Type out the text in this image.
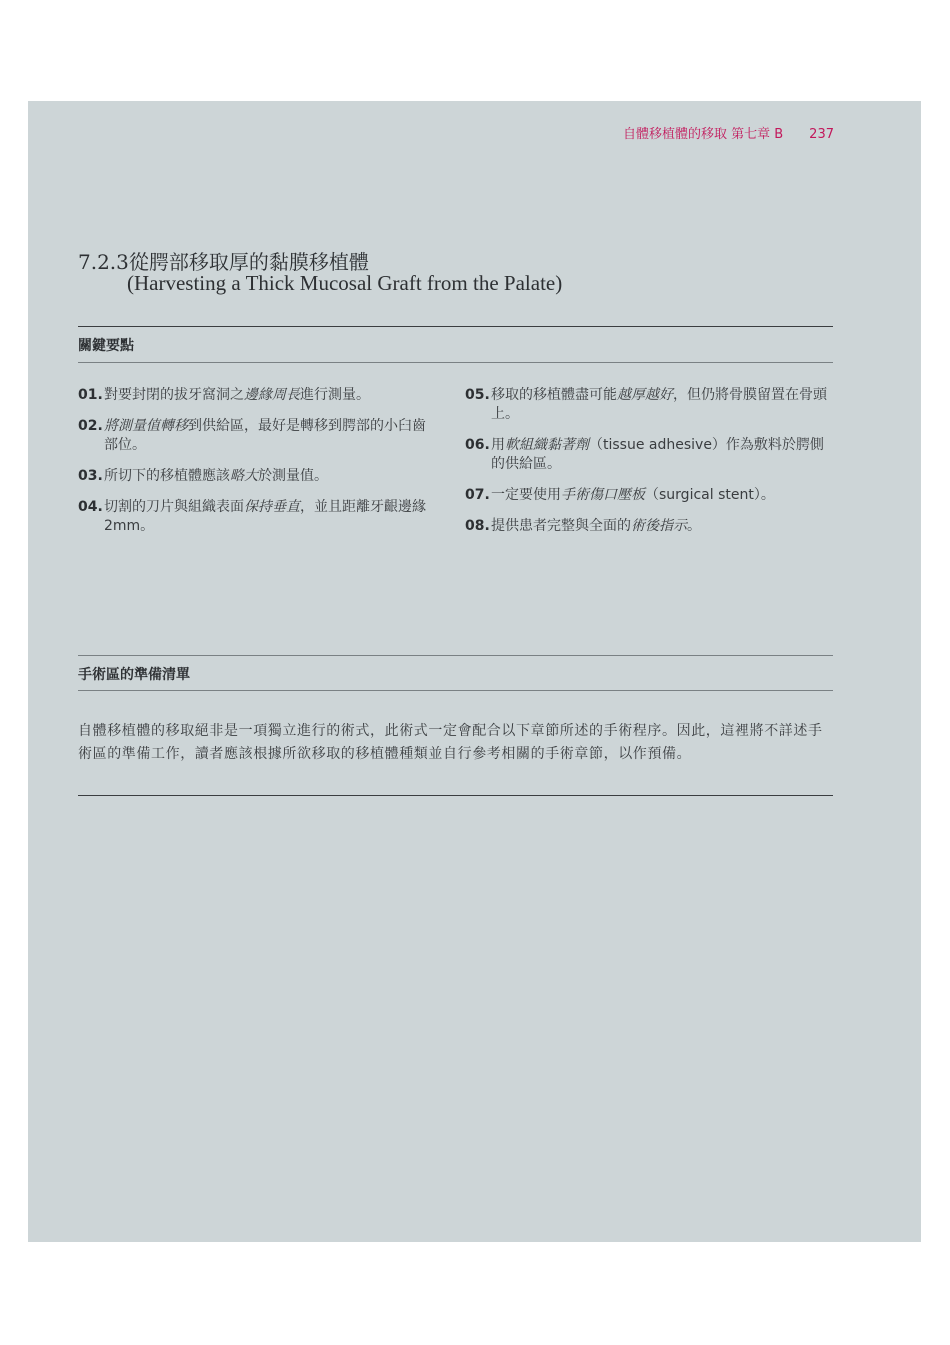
自體移植體的移取 第七章 B 237
7.2.3從腭部移取厚的黏膜移植體
(Harvesting a Thick Mucosal Graft from the Palate)
關鍵要點
01. 對要封閉的拔牙窩洞之邊緣周長進行測量。
02. 將測量值轉移到供給區，最好是轉移到腭部的小臼齒部位。
03. 所切下的移植體應該略大於測量值。
04. 切割的刀片與組織表面保持垂直，並且距離牙齦邊緣2mm。
05. 移取的移植體盡可能越厚越好，但仍將骨膜留置在骨頭上。
06. 用軟組織黏著劑（tissue adhesive）作為敷料於腭側的供給區。
07. 一定要使用手術傷口壓板（surgical stent）。
08. 提供患者完整與全面的術後指示。
手術區的準備清單
自體移植體的移取絕非是一項獨立進行的術式，此術式一定會配合以下章節所述的手術程序。因此，這裡將不詳述手術區的準備工作，讀者應該根據所欲移取的移植體種類並自行參考相關的手術章節，以作預備。
